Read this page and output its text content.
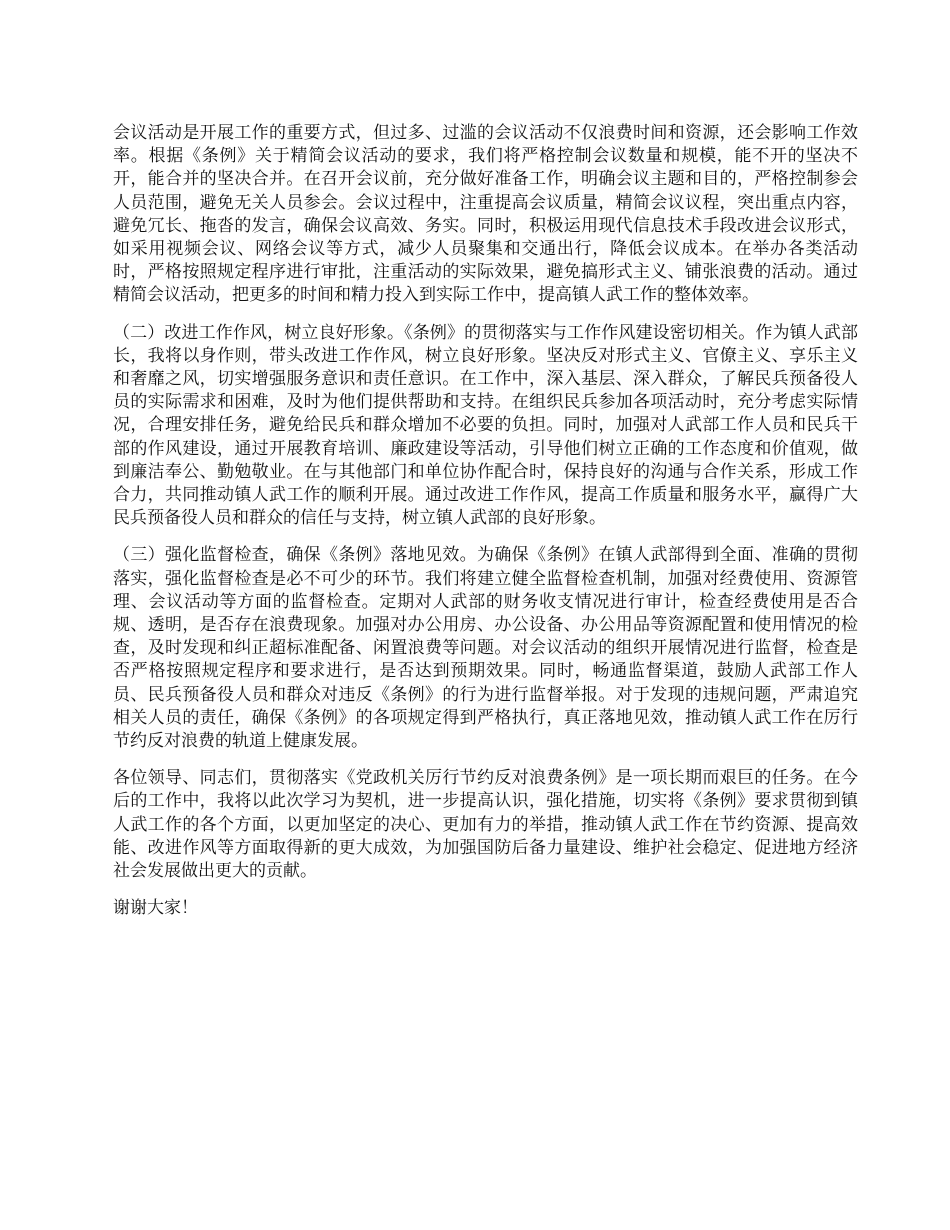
会议活动是开展工作的重要方式，但过多、过滥的会议活动不仅浪费时间和资源，还会影响工作效率。根据《条例》关于精简会议活动的要求，我们将严格控制会议数量和规模，能不开的坚决不开，能合并的坚决合并。在召开会议前，充分做好准备工作，明确会议主题和目的，严格控制参会人员范围，避免无关人员参会。会议过程中，注重提高会议质量，精简会议议程，突出重点内容，避免冗长、拖沓的发言，确保会议高效、务实。同时，积极运用现代信息技术手段改进会议形式，如采用视频会议、网络会议等方式，减少人员聚集和交通出行，降低会议成本。在举办各类活动时，严格按照规定程序进行审批，注重活动的实际效果，避免搞形式主义、铺张浪费的活动。通过精简会议活动，把更多的时间和精力投入到实际工作中，提高镇人武工作的整体效率。

（二）改进工作作风，树立良好形象。《条例》的贯彻落实与工作作风建设密切相关。作为镇人武部长，我将以身作则，带头改进工作作风，树立良好形象。坚决反对形式主义、官僚主义、享乐主义和奢靡之风，切实增强服务意识和责任意识。在工作中，深入基层、深入群众，了解民兵预备役人员的实际需求和困难，及时为他们提供帮助和支持。在组织民兵参加各项活动时，充分考虑实际情况，合理安排任务，避免给民兵和群众增加不必要的负担。同时，加强对人武部工作人员和民兵干部的作风建设，通过开展教育培训、廉政建设等活动，引导他们树立正确的工作态度和价值观，做到廉洁奉公、勤勉敬业。在与其他部门和单位协作配合时，保持良好的沟通与合作关系，形成工作合力，共同推动镇人武工作的顺利开展。通过改进工作作风，提高工作质量和服务水平，赢得广大民兵预备役人员和群众的信任与支持，树立镇人武部的良好形象。

（三）强化监督检查，确保《条例》落地见效。为确保《条例》在镇人武部得到全面、准确的贯彻落实，强化监督检查是必不可少的环节。我们将建立健全监督检查机制，加强对经费使用、资源管理、会议活动等方面的监督检查。定期对人武部的财务收支情况进行审计，检查经费使用是否合规、透明，是否存在浪费现象。加强对办公用房、办公设备、办公用品等资源配置和使用情况的检查，及时发现和纠正超标准配备、闲置浪费等问题。对会议活动的组织开展情况进行监督，检查是否严格按照规定程序和要求进行，是否达到预期效果。同时，畅通监督渠道，鼓励人武部工作人员、民兵预备役人员和群众对违反《条例》的行为进行监督举报。对于发现的违规问题，严肃追究相关人员的责任，确保《条例》的各项规定得到严格执行，真正落地见效，推动镇人武工作在厉行节约反对浪费的轨道上健康发展。

各位领导、同志们，贯彻落实《党政机关厉行节约反对浪费条例》是一项长期而艰巨的任务。在今后的工作中，我将以此次学习为契机，进一步提高认识，强化措施，切实将《条例》要求贯彻到镇人武工作的各个方面，以更加坚定的决心、更加有力的举措，推动镇人武工作在节约资源、提高效能、改进作风等方面取得新的更大成效，为加强国防后备力量建设、维护社会稳定、促进地方经济社会发展做出更大的贡献。

谢谢大家！
